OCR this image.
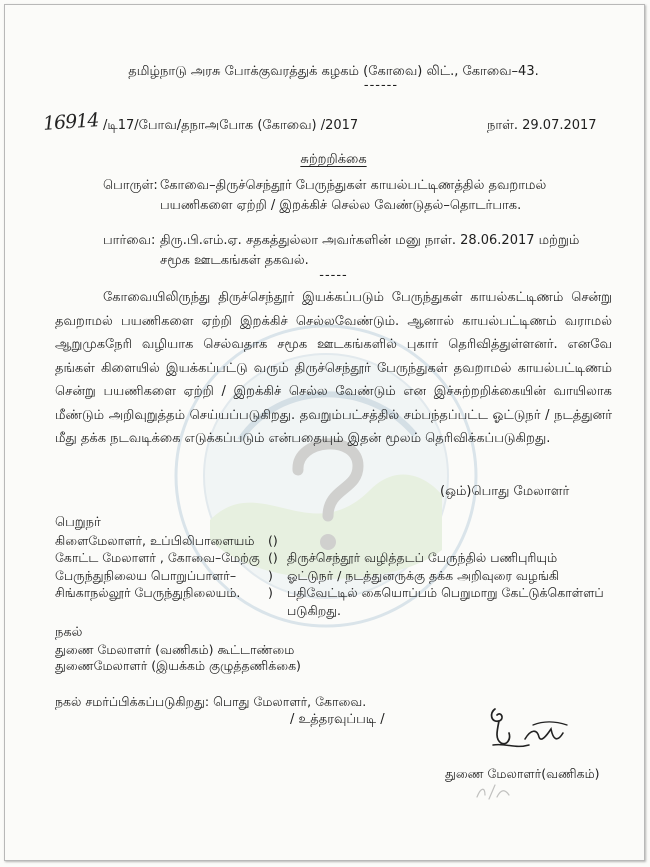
தமிழ்நாடு அரசு போக்குவரத்துக் கழகம் (கோவை) லிட்., கோவை–43.
------
16914 /டி17/போவ/தநாஅபோக (கோவை) /2017	நாள். 29.07.2017
சுற்றறிக்கை
பொருள்: கோவை–திருச்செந்தூர் பேருந்துகள் காயல்பட்டிணத்தில் தவறாமல்
பயணிகளை ஏற்றி / இறக்கிச் செல்ல வேண்டுதல்–தொடர்பாக.
பார்வை: திரு.பி.எம்.ஏ. சதகத்துல்லா அவர்களின் மனு நாள். 28.06.2017 மற்றும்
சமூக ஊடகங்கள் தகவல்.
-----

கோவையிலிருந்து திருச்செந்தூர் இயக்கப்படும் பேருந்துகள் காயல்கட்டிணம் சென்று தவறாமல் பயணிகளை ஏற்றி இறக்கிச் செல்லவேண்டும். ஆனால் காயல்பட்டிணம் வராமல் ஆறுமுகநேரி வழியாக செல்வதாக சமூக ஊடகங்களில் புகார் தெரிவித்துள்ளனர். எனவே தங்கள் கிளையில் இயக்கப்பட்டு வரும் திருச்செந்தூர் பேருந்துகள் தவறாமல் காயல்பட்டிணம் சென்று பயணிகளை ஏற்றி / இறக்கிச் செல்ல வேண்டும் என இச்சுற்றறிக்கையின் வாயிலாக மீண்டும் அறிவுறுத்தம் செய்யப்படுகிறது. தவறும்பட்சத்தில் சம்பந்தப்பட்ட ஓட்டுநர் / நடத்துனர் மீது தக்க நடவடிக்கை எடுக்கப்படும் என்பதையும் இதன் மூலம் தெரிவிக்கப்படுகிறது.

(ஒம்)பொது மேலாளர்
பெறுநர்
கிளைமேலாளர், உப்பிலிபாளையம்	()
கோட்ட மேலாளர் , கோவை–மேற்கு () திருச்செந்தூர் வழித்தடப் பேருந்தில் பணிபுரியும்
பேருந்துநிலைய பொறுப்பாளர்–	)	ஓட்டுநர் / நடத்துனருக்கு தக்க அறிவுரை வழங்கி
சிங்காநல்லூர் பேருந்துநிலையம்.	)	பதிவேட்டில் கையொப்பம் பெறுமாறு கேட்டுக்கொள்ளப்
படுகிறது.
நகல்
துணை மேலாளர் (வணிகம்) கூட்டாண்மை
துணைமேலாளர் (இயக்கம் குழுத்தணிக்கை)
நகல் சமர்ப்பிக்கப்படுகிறது: பொது மேலாளர், கோவை.
/ உத்தரவுப்படி /
துணை மேலாளர்(வணிகம்)
